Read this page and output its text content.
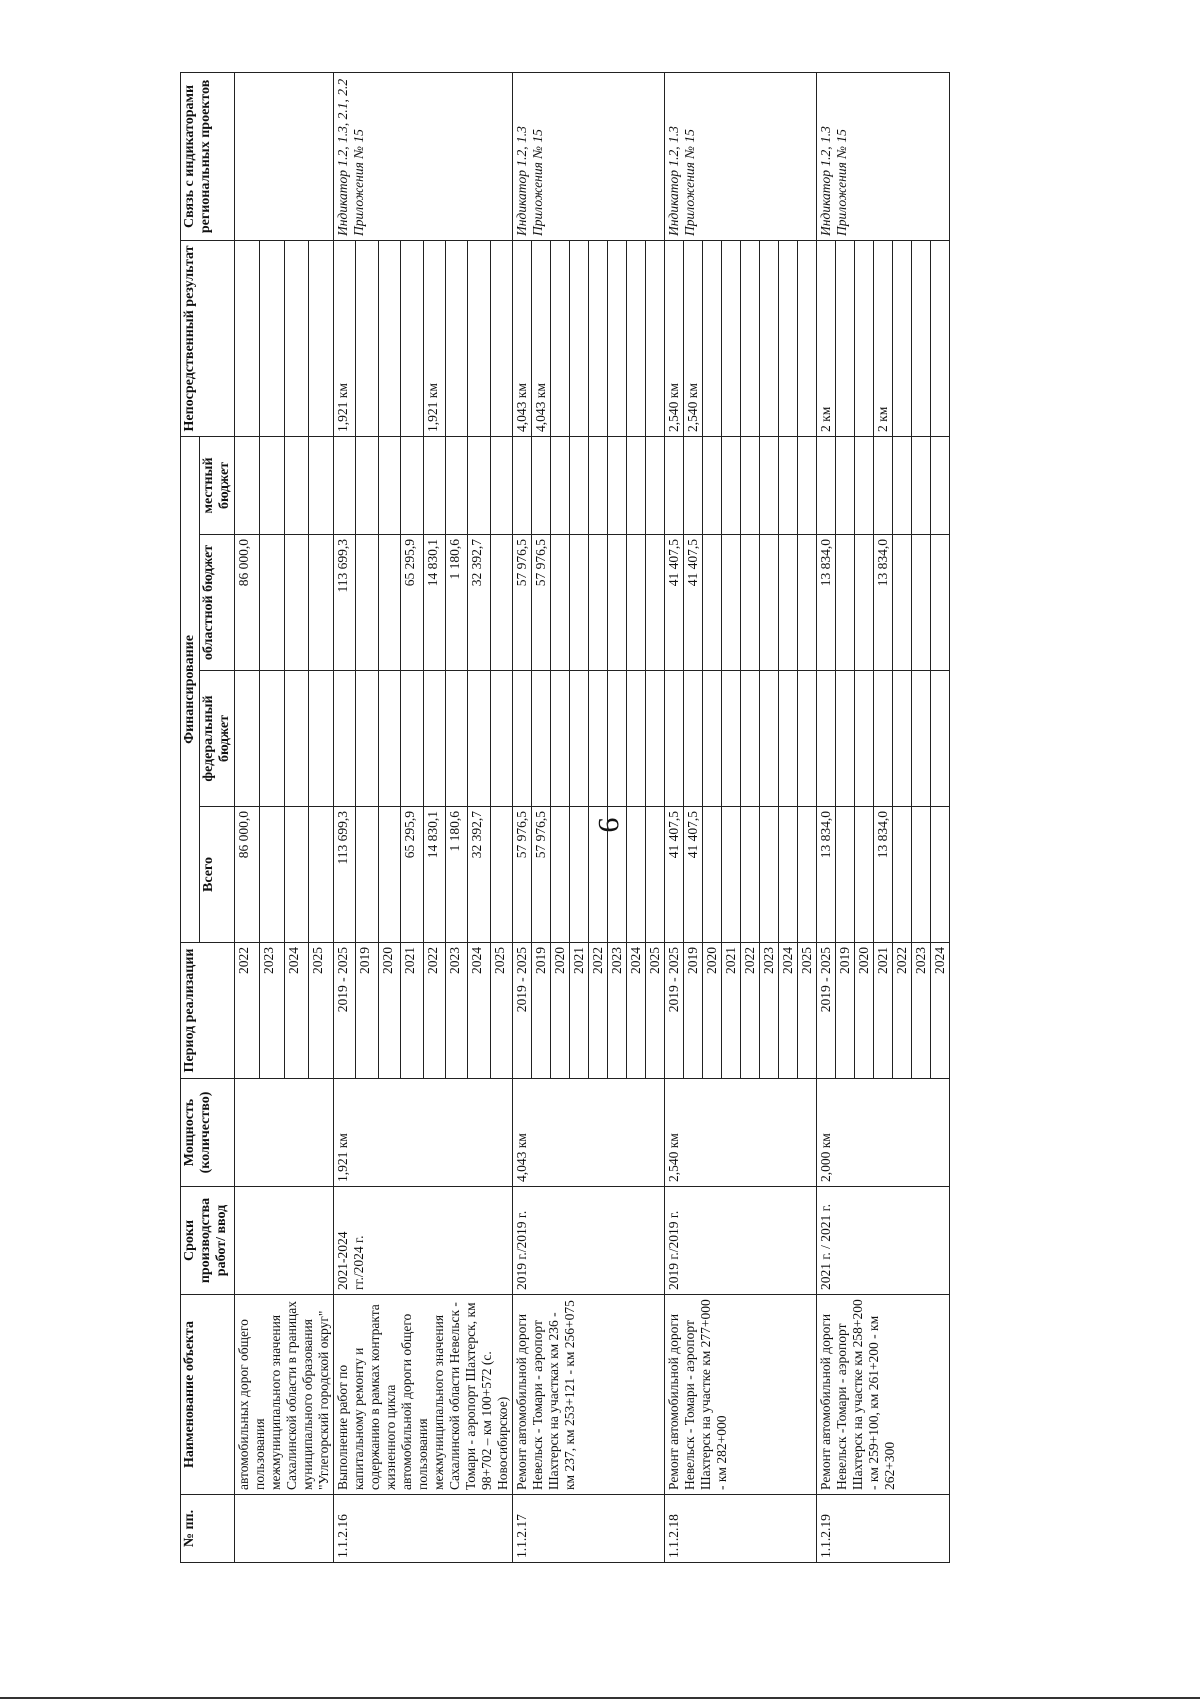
9
№ пп.	Наименование объекта	Сроки производства работ/ ввод	Мощность (количество)	Период реализации	Финансирование				Непосредственный результат	Связь с индикаторами региональных проектов
					Всего	федеральный бюджет	областной бюджет	местный бюджет		
	автомобильных дорог общего пользования межмуниципального значения Сахалинской области в границах муниципального образования "Углегорский городской округ"			2022	86 000,0		86 000,0			
				2023						
				2024						
				2025						
1.1.2.16	Выполнение работ по капитальному ремонту и содержанию в рамках контракта жизненного цикла автомобильной дороги общего пользования межмуниципального значения Сахалинской области Невельск - Томари - аэропорт Шахтерск, км 98+702 – км 100+572 (с. Новосибирское)	2021-2024 гг./2024 г.	1,921 км	2019 - 2025	113 699,3		113 699,3		1,921 км	Индикатор 1.2, 1.3, 2.1, 2.2 Приложения № 15
				2019						
				2020						
				2021	65 295,9		65 295,9			
				2022	14 830,1		14 830,1		1,921 км	
				2023	1 180,6		1 180,6			
				2024	32 392,7		32 392,7			
				2025						
1.1.2.17	Ремонт автомобильной дороги Невельск - Томари - аэропорт Шахтерск на участках км 236 - км 237, км 253+121 - км 256+075	2019 г./2019 г.	4,043 км	2019 - 2025	57 976,5		57 976,5		4,043 км	Индикатор 1.2, 1.3 Приложения № 15
				2019	57 976,5		57 976,5		4,043 км	
				2020						
				2021						
				2022						
				2023						
				2024						
				2025						
1.1.2.18	Ремонт автомобильной дороги Невельск - Томари - аэропорт Шахтерск на участке км 277+000 - км 282+000	2019 г./2019 г.	2,540 км	2019 - 2025	41 407,5		41 407,5		2,540 км	Индикатор 1.2, 1.3 Приложения № 15
				2019	41 407,5		41 407,5		2,540 км	
				2020						
				2021						
				2022						
				2023						
				2024						
				2025						
1.1.2.19	Ремонт автомобильной дороги Невельск -Томари - аэропорт Шахтерск на участке км 258+200 - км 259+100, км 261+200 - км 262+300	2021 г. / 2021 г.	2,000 км	2019 - 2025	13 834,0		13 834,0		2 км	Индикатор 1.2, 1.3 Приложения № 15
				2019						
				2020						
				2021	13 834,0		13 834,0		2 км	
				2022						
				2023						
				2024						
